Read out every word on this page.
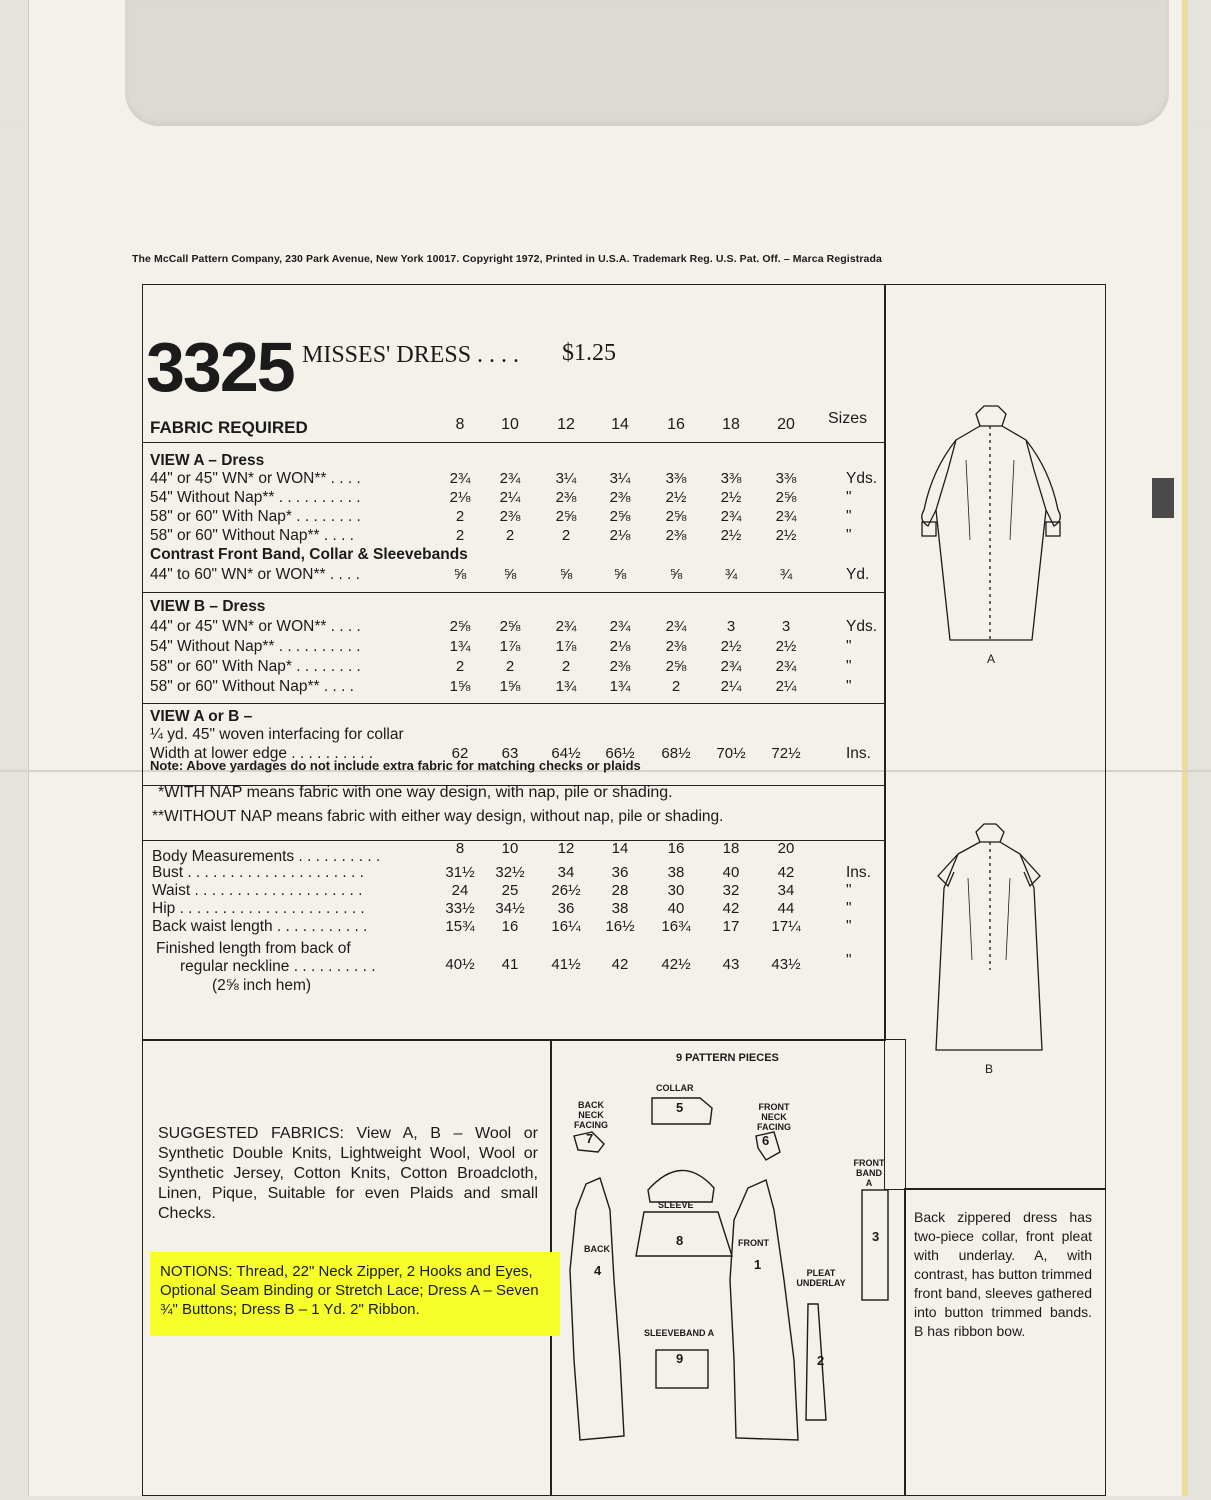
The McCall Pattern Company, 230 Park Avenue, New York 10017. Copyright 1972, Printed in U.S.A. Trademark Reg. U.S. Pat. Off. – Marca Registrada
3325 MISSES' DRESS . . . . $1.25
FABRIC REQUIRED	Sizes
8 10 12 14 16 18 20
VIEW A – Dress
44" or 45" WN* or WON** . . . .	2¾ 2¾ 3¼ 3¼ 3⅜ 3⅜ 3⅜	Yds.
54" Without Nap** . . . . . . . . . .	2⅛ 2¼ 2⅜ 2⅜ 2½ 2½ 2⅝	"
58" or 60" With Nap* . . . . . . . .	2 2⅜ 2⅝ 2⅝ 2⅝ 2¾ 2¾	"
58" or 60" Without Nap** . . . .	2	2	2	2⅛ 2⅜ 2½ 2½	"
Contrast Front Band, Collar & Sleevebands
44" to 60" WN* or WON** . . . .	⅝ ⅝	⅝	⅝	⅝	¾	¾	Yd.
VIEW B – Dress
44" or 45" WN* or WON** . . . .	2⅝ 2⅝ 2¾ 2¾ 2¾	3	3	Yds.
54" Without Nap** . . . . . . . . . .	1¾ 1⅞ 1⅞ 2⅛ 2⅜ 2½ 2½	"
58" or 60" With Nap* . . . . . . . .	2	2	2	2⅜ 2⅝ 2¾ 2¾	"
58" or 60" Without Nap** . . . .	1⅝ 1⅝ 1¾ 1¾	2	2¼ 2¼	"
VIEW A or B –
¼ yd. 45" woven interfacing for collar
Width at lower edge . . . . . . . . . .	62 63 64½ 66½ 68½ 70½ 72½	Ins.
Note: Above yardages do not include extra fabric for matching checks or plaids
*WITH NAP means fabric with one way design, with nap, pile or shading.
**WITHOUT NAP means fabric with either way design, without nap, pile or shading.
Body Measurements . . . . . . . . . .	8 10	12 14	16	18	20
Bust . . . . . . . . . . . . . . . . . . . . .	31½ 32½ 34 36	38	40	42	Ins.
Waist . . . . . . . . . . . . . . . . . . . .	24 25 26½ 28	30	32	34	"
Hip . . . . . . . . . . . . . . . . . . . . . .	33½ 34½ 36 38	40	42	44	"
Back waist length . . . . . . . . . . .	15¾ 16 16¼ 16½ 16¾ 17 17¼	"
Finished length from back of
regular neckline . . . . . . . . . .	40½ 41 41½ 42 42½ 43 43½	"
(2⅝ inch hem)
SUGGESTED FABRICS: View A, B – Wool or Synthetic Double Knits, Lightweight Wool, Wool or Synthetic Jersey, Cotton Knits, Cotton Broadcloth, Linen, Pique, Suitable for even Plaids and small Checks.
NOTIONS: Thread, 22" Neck Zipper, 2 Hooks and Eyes, Optional Seam Binding or Stretch Lace; Dress A – Seven ¾" Buttons; Dress B – 1 Yd. 2" Ribbon.
9 PATTERN PIECES
COLLAR
5
BACK NECK FACING
7
FRONT NECK FACING
6
FRONT BAND A
3
BACK
4
SLEEVE
8	FRONT
1
PLEAT UNDERLAY
2
SLEEVEBAND A
9
A
B
Back zippered dress has two-piece collar, front pleat with underlay. A, with contrast, has button trimmed front band, sleeves gathered into button trimmed bands. B has ribbon bow.
